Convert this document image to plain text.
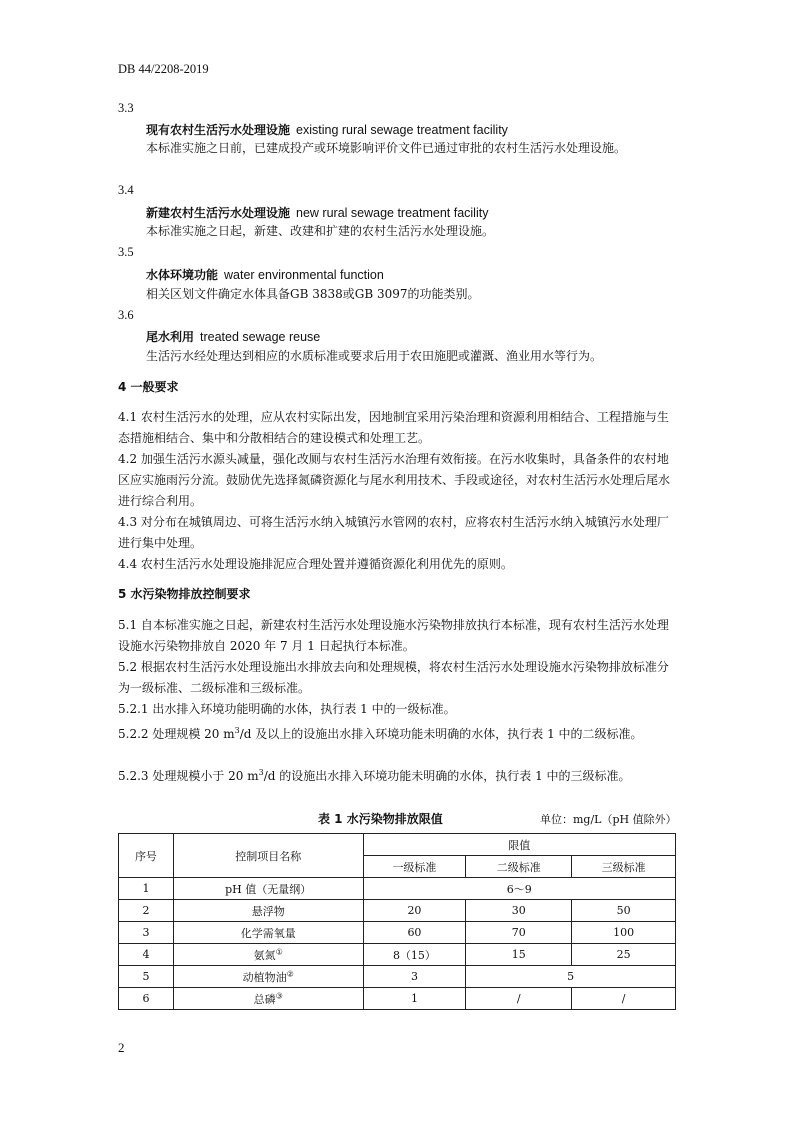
DB 44/2208-2019
3.3
现有农村生活污水处理设施 existing rural sewage treatment facility
本标准实施之日前，已建成投产或环境影响评价文件已通过审批的农村生活污水处理设施。
3.4
新建农村生活污水处理设施 new rural sewage treatment facility
本标准实施之日起，新建、改建和扩建的农村生活污水处理设施。
3.5
水体环境功能 water environmental function
相关区划文件确定水体具备GB 3838或GB 3097的功能类别。
3.6
尾水利用 treated sewage reuse
生活污水经处理达到相应的水质标准或要求后用于农田施肥或灌溉、渔业用水等行为。
4 一般要求
4.1 农村生活污水的处理，应从农村实际出发，因地制宜采用污染治理和资源利用相结合、工程措施与生态措施相结合、集中和分散相结合的建设模式和处理工艺。
4.2 加强生活污水源头减量，强化改厕与农村生活污水治理有效衔接。在污水收集时，具备条件的农村地区应实施雨污分流。鼓励优先选择氮磷资源化与尾水利用技术、手段或途径，对农村生活污水处理后尾水进行综合利用。
4.3 对分布在城镇周边、可将生活污水纳入城镇污水管网的农村，应将农村生活污水纳入城镇污水处理厂进行集中处理。
4.4 农村生活污水处理设施排泥应合理处置并遵循资源化利用优先的原则。
5 水污染物排放控制要求
5.1 自本标准实施之日起，新建农村生活污水处理设施水污染物排放执行本标准，现有农村生活污水处理设施水污染物排放自 2020 年 7 月 1 日起执行本标准。
5.2 根据农村生活污水处理设施出水排放去向和处理规模，将农村生活污水处理设施水污染物排放标准分为一级标准、二级标准和三级标准。
5.2.1 出水排入环境功能明确的水体，执行表 1 中的一级标准。
5.2.2 处理规模 20 $m^3/d$ 及以上的设施出水排入环境功能未明确的水体，执行表 1 中的二级标准。
5.2.3 处理规模小于 20 $m^3/d$ 的设施出水排入环境功能未明确的水体，执行表 1 中的三级标准。
表 1 水污染物排放限值	单位：mg/L（pH 值除外）
序号	控制项目名称	限值		
		一级标准	二级标准	三级标准
1	pH 值（无量纲）	6～9		
2	悬浮物	20	30	50
3	化学需氧量	60	70	100
4	氨氮①	8（15）	15	25
5	动植物油②	3	5	
6	总磷③	1	/	/
2
